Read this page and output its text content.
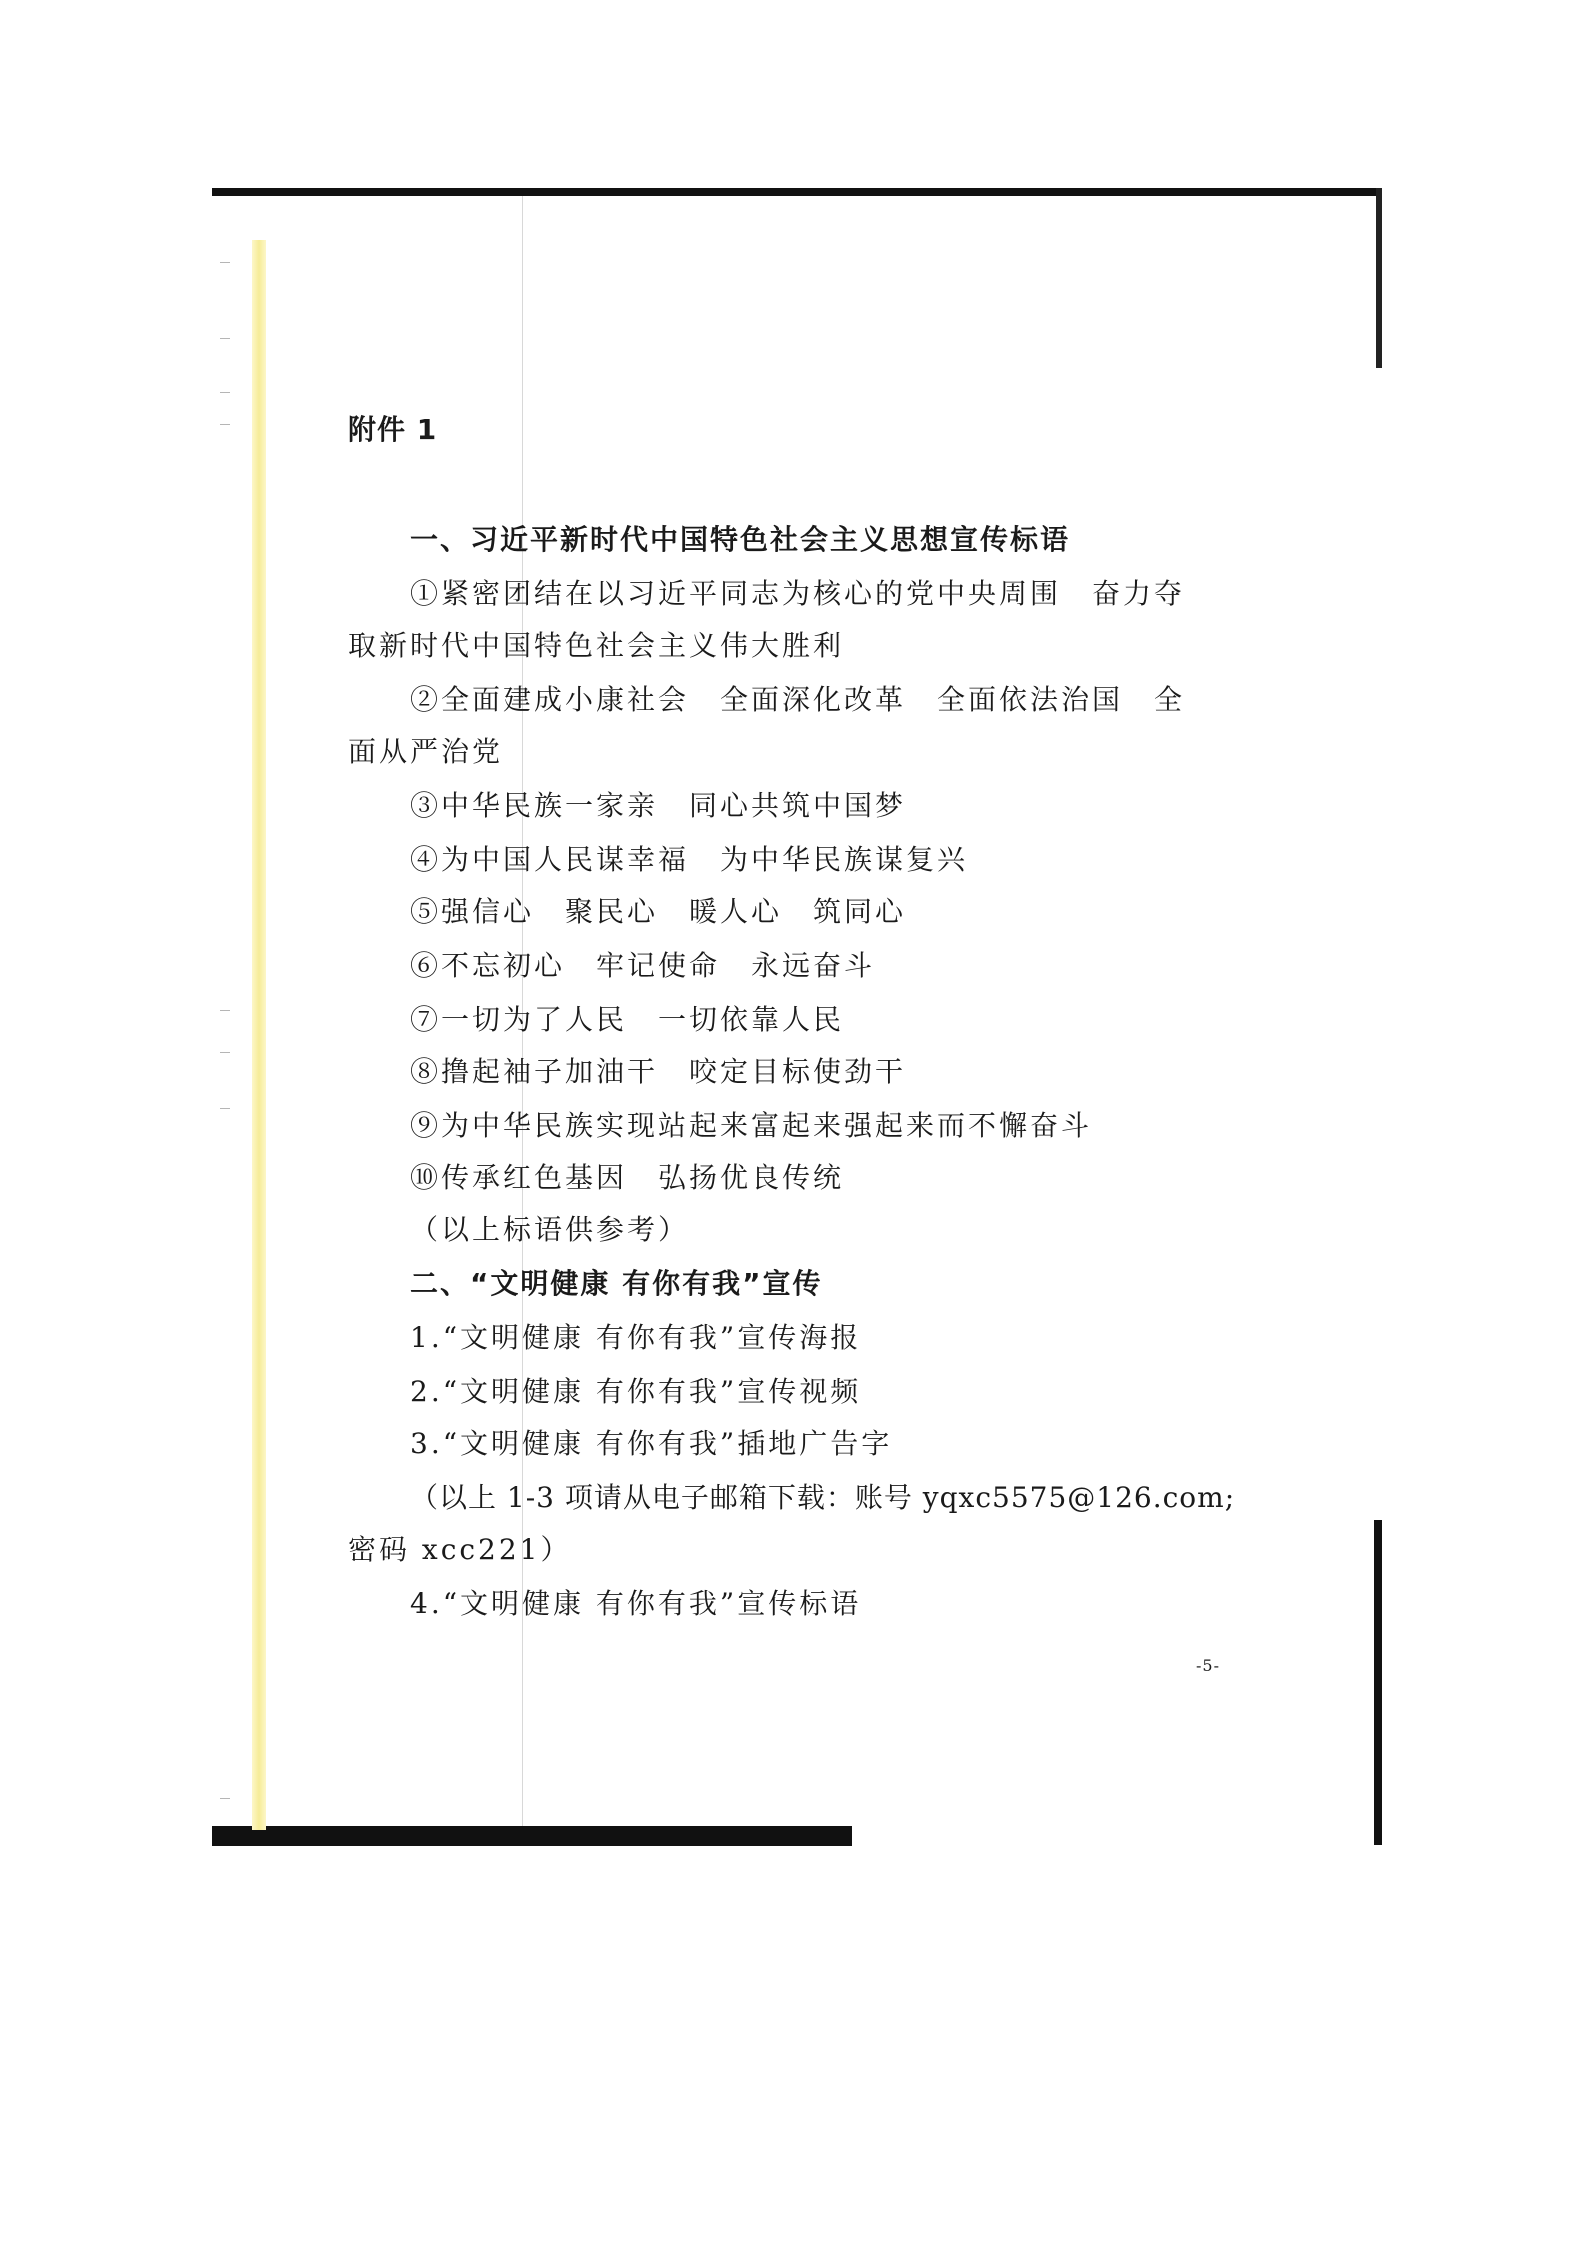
附件 1
一、习近平新时代中国特色社会主义思想宣传标语
①紧密团结在以习近平同志为核心的党中央周围　奋力夺
取新时代中国特色社会主义伟大胜利
②全面建成小康社会　全面深化改革　全面依法治国　全
面从严治党
③中华民族一家亲　同心共筑中国梦
④为中国人民谋幸福　为中华民族谋复兴
⑤强信心　聚民心　暖人心　筑同心
⑥不忘初心　牢记使命　永远奋斗
⑦一切为了人民　一切依靠人民
⑧撸起袖子加油干　咬定目标使劲干
⑨为中华民族实现站起来富起来强起来而不懈奋斗
⑩传承红色基因　弘扬优良传统
（以上标语供参考）
二、“文明健康 有你有我”宣传
1.“文明健康 有你有我”宣传海报
2.“文明健康 有你有我”宣传视频
3.“文明健康 有你有我”插地广告字
（以上 1-3 项请从电子邮箱下载：账号 yqxc5575@126.com;
密码 xcc221）
4.“文明健康 有你有我”宣传标语
-5-
